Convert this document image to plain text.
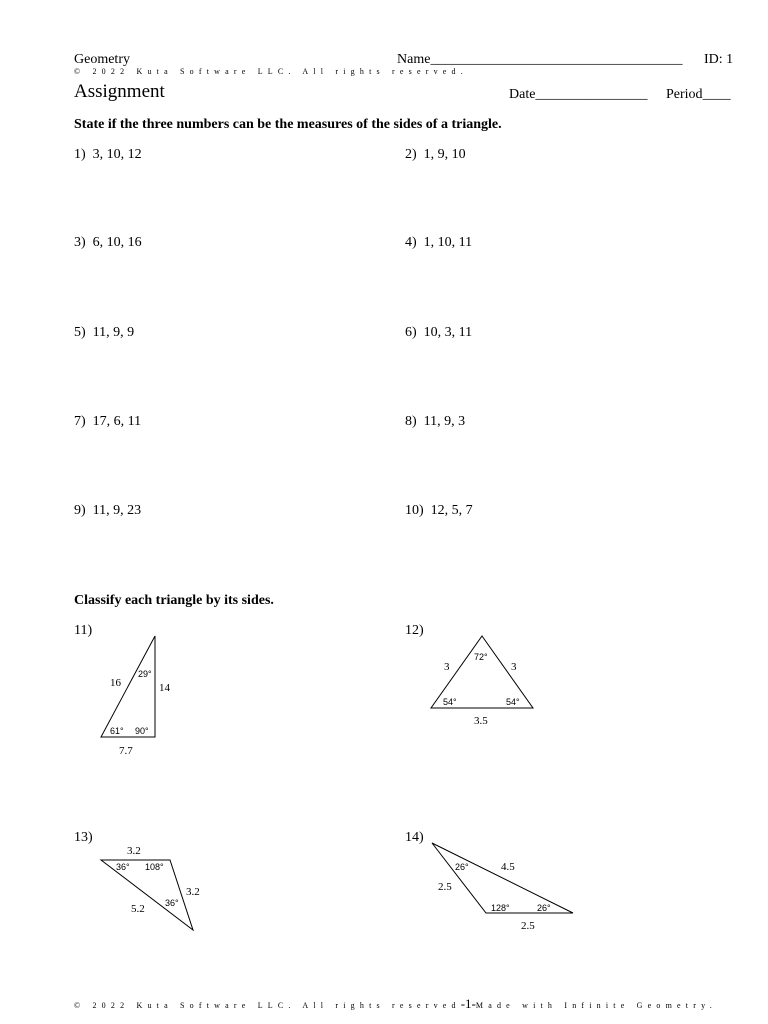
Geometry
© 2022 Kuta Software LLC. All rights reserved.
Assignment
Name____________________________________ ID: 1
Date________________ Period____
State if the three numbers can be the measures of the sides of a triangle.
1) 3, 10, 12	2) 1, 9, 10
3) 6, 10, 16	4) 1, 10, 11
5) 11, 9, 9	6) 10, 3, 11
7) 17, 6, 11	8) 11, 9, 3
9) 11, 9, 23	10) 12, 5, 7
Classify each triangle by its sides.
11)
16	14
7.7
29°
61° 90°
12)
3	3
3.5
72°
54°	54°
13)
3.2
3.2
5.2
36° 108°
36°
14)
4.5
2.5
2.5
26°
128°	26°
© 2022 Kuta Software LLC. All rights reserved-1-Made with Infinite Geometry.
